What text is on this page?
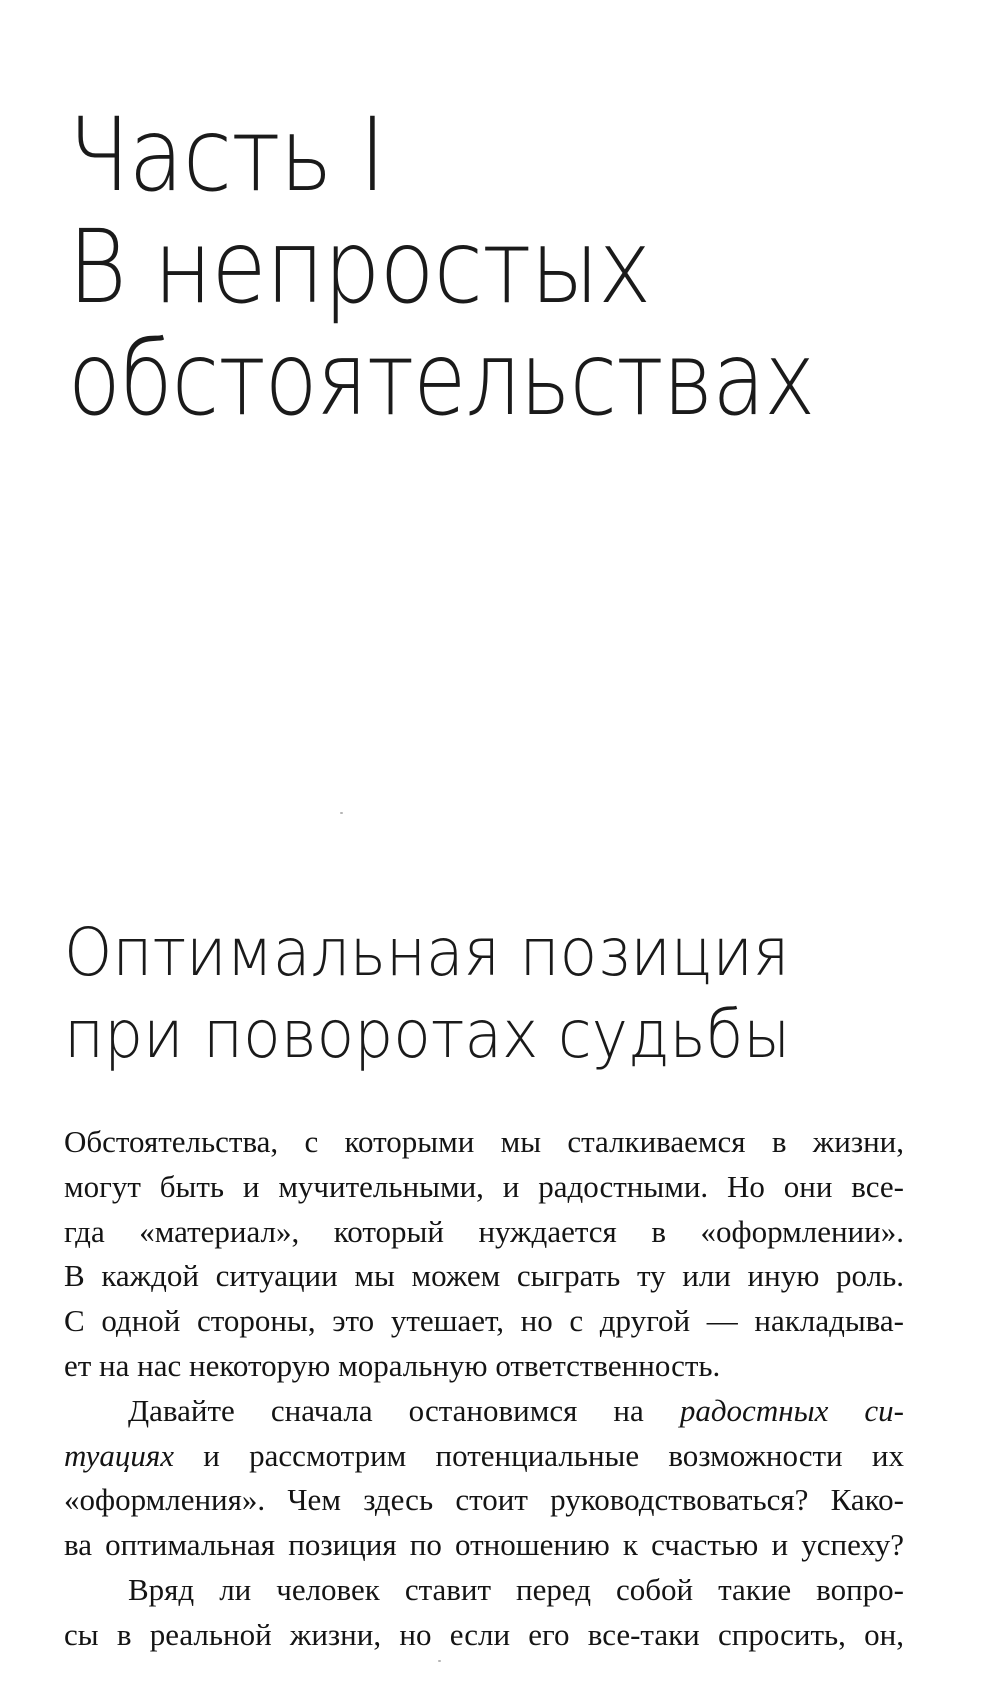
Часть I
В непростых
обстоятельствах
Оптимальная позиция
при поворотах судьбы
Обстоятельства, с которыми мы сталкиваемся в жизни,
могут быть и мучительными, и радостными. Но они все-
гда «материал», который нуждается в «оформлении».
В каждой ситуации мы можем сыграть ту или иную роль.
С одной стороны, это утешает, но с другой — накладыва-
ет на нас некоторую моральную ответственность.
Давайте сначала остановимся на радостных си-
туациях и рассмотрим потенциальные возможности их
«оформления». Чем здесь стоит руководствоваться? Како-
ва оптимальная позиция по отношению к счастью и успеху?
Вряд ли человек ставит перед собой такие вопро-
сы в реальной жизни, но если его все-таки спросить, он,
